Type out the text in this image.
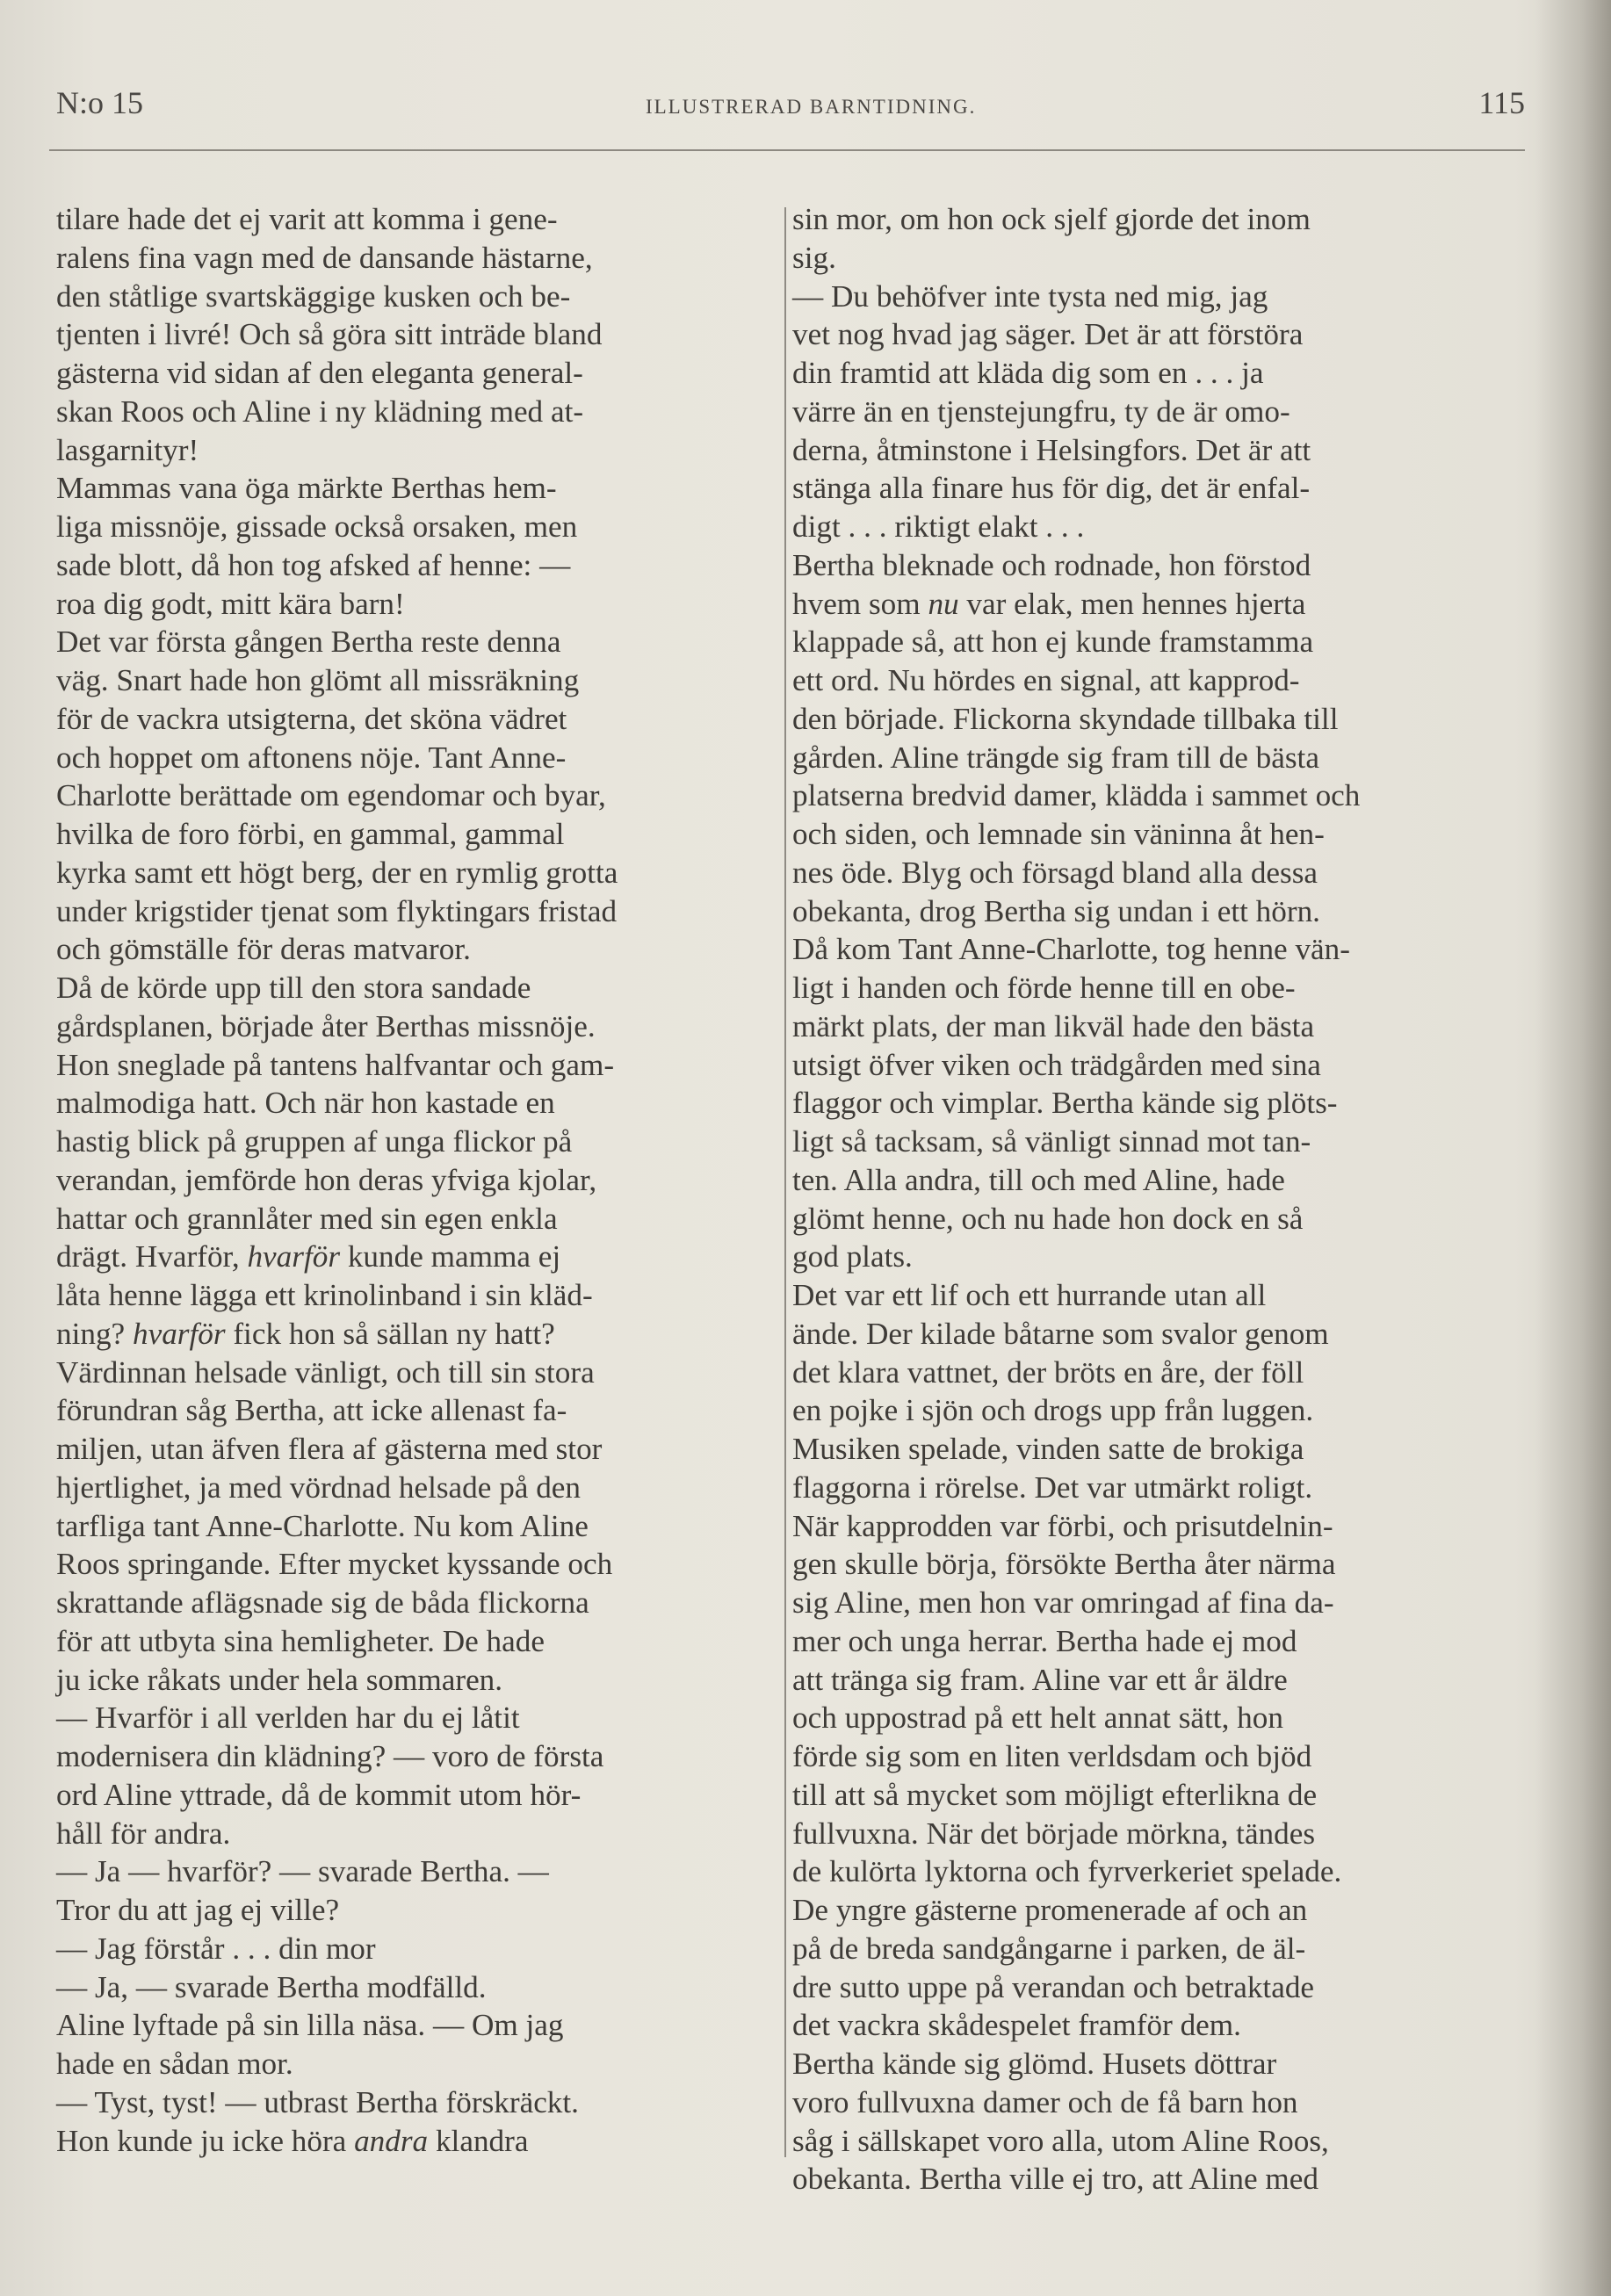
N:o 15	ILLUSTRERAD BARNTIDNING.	115

tilare hade det ej varit att komma i gene-
ralens fina vagn med de dansande hästarne,
den ståtlige svartskäggige kusken och be-
tjenten i livré! Och så göra sitt inträde bland
gästerna vid sidan af den eleganta general-
skan Roos och Aline i ny klädning med at-
lasgarnityr!

Mammas vana öga märkte Berthas hem-
liga missnöje, gissade också orsaken, men
sade blott, då hon tog afsked af henne: —
roa dig godt, mitt kära barn!

Det var första gången Bertha reste denna
väg. Snart hade hon glömt all missräkning
för de vackra utsigterna, det sköna vädret
och hoppet om aftonens nöje. Tant Anne-
Charlotte berättade om egendomar och byar,
hvilka de foro förbi, en gammal, gammal
kyrka samt ett högt berg, der en rymlig grotta
under krigstider tjenat som flyktingars fristad
och gömställe för deras matvaror.

Då de körde upp till den stora sandade
gårdsplanen, började åter Berthas missnöje.
Hon sneglade på tantens halfvantar och gam-
malmodiga hatt. Och när hon kastade en
hastig blick på gruppen af unga flickor på
verandan, jemförde hon deras yfviga kjolar,
hattar och grannlåter med sin egen enkla
drägt. Hvarför, hvarför kunde mamma ej
låta henne lägga ett krinolinband i sin kläd-
ning? hvarför fick hon så sällan ny hatt?

Värdinnan helsade vänligt, och till sin stora
förundran såg Bertha, att icke allenast fa-
miljen, utan äfven flera af gästerna med stor
hjertlighet, ja med vördnad helsade på den
tarfliga tant Anne-Charlotte. Nu kom Aline
Roos springande. Efter mycket kyssande och
skrattande aflägsnade sig de båda flickorna
för att utbyta sina hemligheter. De hade
ju icke råkats under hela sommaren.

— Hvarför i all verlden har du ej låtit
modernisera din klädning? — voro de första
ord Aline yttrade, då de kommit utom hör-
håll för andra.

— Ja — hvarför? — svarade Bertha. —
Tror du att jag ej ville?

— Jag förstår . . . din mor

— Ja, — svarade Bertha modfälld.

Aline lyftade på sin lilla näsa. — Om jag
hade en sådan mor.

— Tyst, tyst! — utbrast Bertha förskräckt.
Hon kunde ju icke höra andra klandra

sin mor, om hon ock sjelf gjorde det inom
sig.

— Du behöfver inte tysta ned mig, jag
vet nog hvad jag säger. Det är att förstöra
din framtid att kläda dig som en . . . ja
värre än en tjenstejungfru, ty de är omo-
derna, åtminstone i Helsingfors. Det är att
stänga alla finare hus för dig, det är enfal-
digt . . . riktigt elakt . . .

Bertha bleknade och rodnade, hon förstod
hvem som nu var elak, men hennes hjerta
klappade så, att hon ej kunde framstamma
ett ord. Nu hördes en signal, att kapprod-
den började. Flickorna skyndade tillbaka till
gården. Aline trängde sig fram till de bästa
platserna bredvid damer, klädda i sammet och
och siden, och lemnade sin väninna åt hen-
nes öde. Blyg och försagd bland alla dessa
obekanta, drog Bertha sig undan i ett hörn.
Då kom Tant Anne-Charlotte, tog henne vän-
ligt i handen och förde henne till en obe-
märkt plats, der man likväl hade den bästa
utsigt öfver viken och trädgården med sina
flaggor och vimplar. Bertha kände sig plöts-
ligt så tacksam, så vänligt sinnad mot tan-
ten. Alla andra, till och med Aline, hade
glömt henne, och nu hade hon dock en så
god plats.

Det var ett lif och ett hurrande utan all
ände. Der kilade båtarne som svalor genom
det klara vattnet, der bröts en åre, der föll
en pojke i sjön och drogs upp från luggen.
Musiken spelade, vinden satte de brokiga
flaggorna i rörelse. Det var utmärkt roligt.
När kapprodden var förbi, och prisutdelnin-
gen skulle börja, försökte Bertha åter närma
sig Aline, men hon var omringad af fina da-
mer och unga herrar. Bertha hade ej mod
att tränga sig fram. Aline var ett år äldre
och uppostrad på ett helt annat sätt, hon
förde sig som en liten verldsdam och bjöd
till att så mycket som möjligt efterlikna de
fullvuxna. När det började mörkna, tändes
de kulörta lyktorna och fyrverkeriet spelade.
De yngre gästerne promenerade af och an
på de breda sandgångarne i parken, de äl-
dre sutto uppe på verandan och betraktade
det vackra skådespelet framför dem.

Bertha kände sig glömd. Husets döttrar
voro fullvuxna damer och de få barn hon
såg i sällskapet voro alla, utom Aline Roos,
obekanta. Bertha ville ej tro, att Aline med
